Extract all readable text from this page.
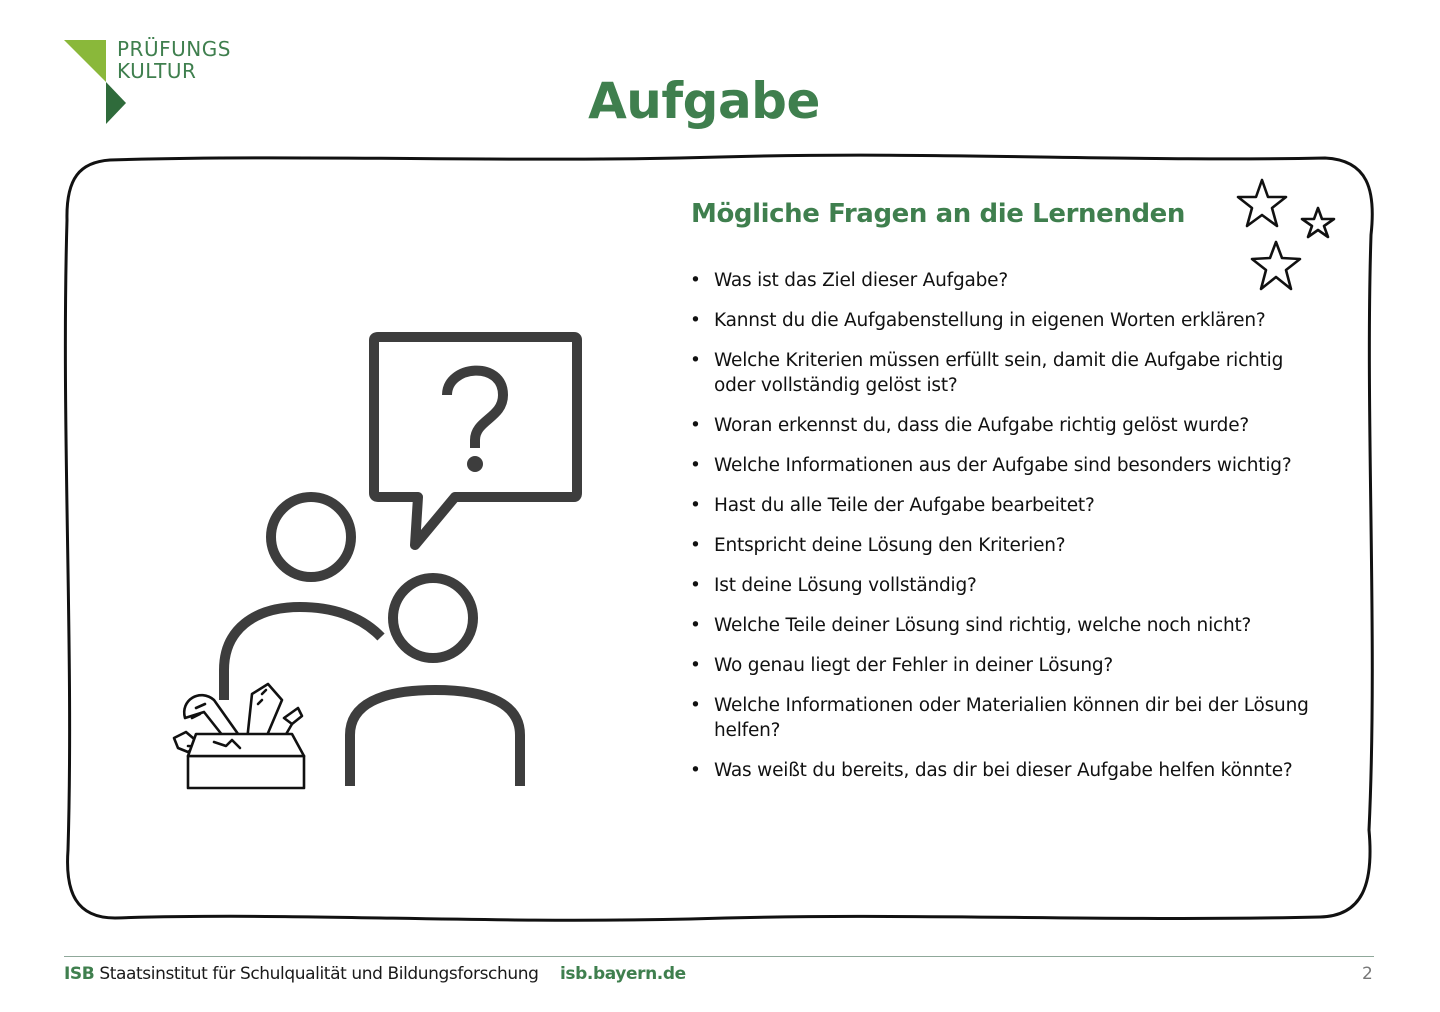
PRÜFUNGS
KULTUR
Aufgabe
Mögliche Fragen an die Lernenden
• Was ist das Ziel dieser Aufgabe?
• Kannst du die Aufgabenstellung in eigenen Worten erklären?
• Welche Kriterien müssen erfüllt sein, damit die Aufgabe richtig oder vollständig gelöst ist?
• Woran erkennst du, dass die Aufgabe richtig gelöst wurde?
• Welche Informationen aus der Aufgabe sind besonders wichtig?
• Hast du alle Teile der Aufgabe bearbeitet?
• Entspricht deine Lösung den Kriterien?
• Ist deine Lösung vollständig?
• Welche Teile deiner Lösung sind richtig, welche noch nicht?
• Wo genau liegt der Fehler in deiner Lösung?
• Welche Informationen oder Materialien können dir bei der Lösung helfen?
• Was weißt du bereits, das dir bei dieser Aufgabe helfen könnte?
ISB Staatsinstitut für Schulqualität und Bildungsforschung isb.bayern.de	2
